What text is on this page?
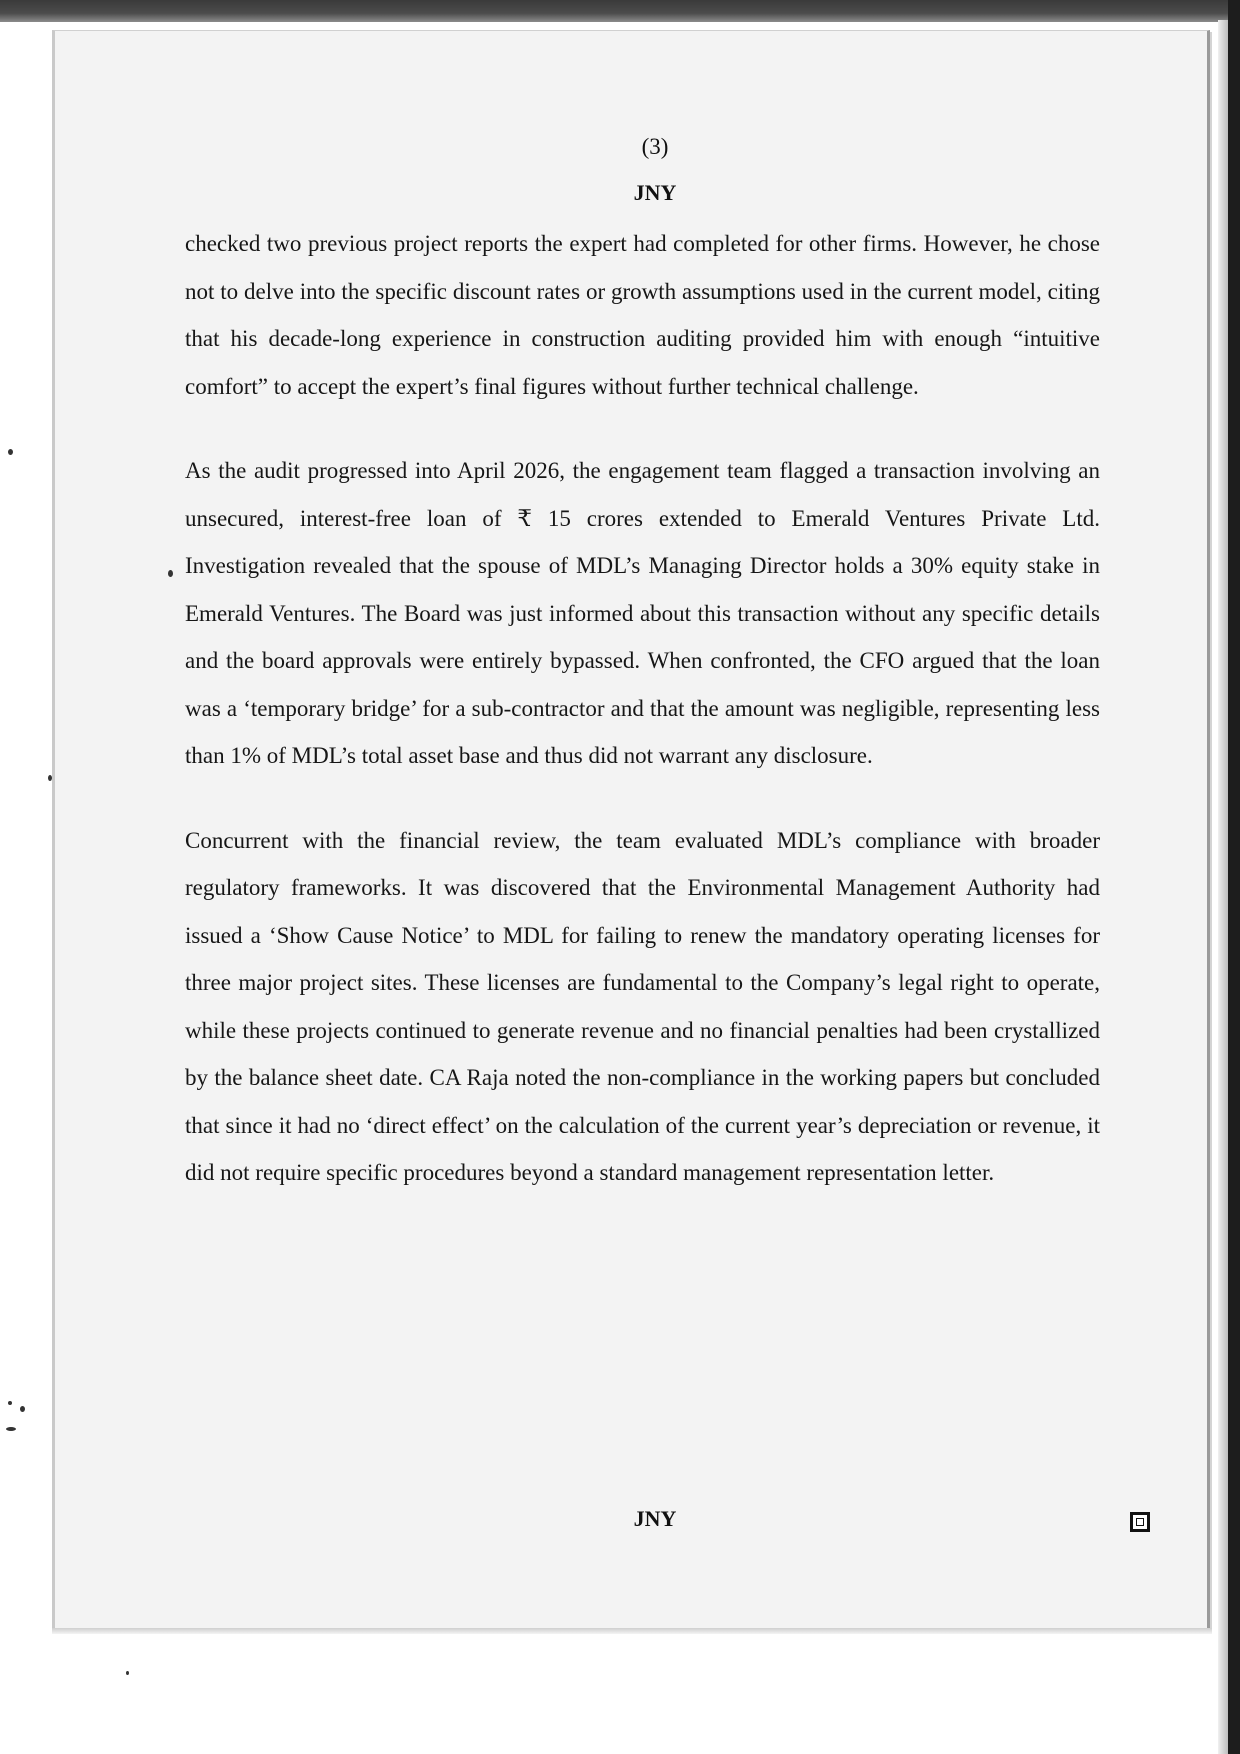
(3)
JNY

checked two previous project reports the expert had completed for other firms. However, he chose not to delve into the specific discount rates or growth assumptions used in the current model, citing that his decade-long experience in construction auditing provided him with enough “intuitive comfort” to accept the expert’s final figures without further technical challenge.

As the audit progressed into April 2026, the engagement team flagged a transaction involving an unsecured, interest-free loan of ₹ 15 crores extended to Emerald Ventures Private Ltd. Investigation revealed that the spouse of MDL’s Managing Director holds a 30% equity stake in Emerald Ventures. The Board was just informed about this transaction without any specific details and the board approvals were entirely bypassed. When confronted, the CFO argued that the loan was a ‘temporary bridge’ for a sub-contractor and that the amount was negligible, representing less than 1% of MDL’s total asset base and thus did not warrant any disclosure.

Concurrent with the financial review, the team evaluated MDL’s compliance with broader regulatory frameworks. It was discovered that the Environmental Management Authority had issued a ‘Show Cause Notice’ to MDL for failing to renew the mandatory operating licenses for three major project sites. These licenses are fundamental to the Company’s legal right to operate, while these projects continued to generate revenue and no financial penalties had been crystallized by the balance sheet date. CA Raja noted the non-compliance in the working papers but concluded that since it had no ‘direct effect’ on the calculation of the current year’s depreciation or revenue, it did not require specific procedures beyond a standard management representation letter.

JNY
